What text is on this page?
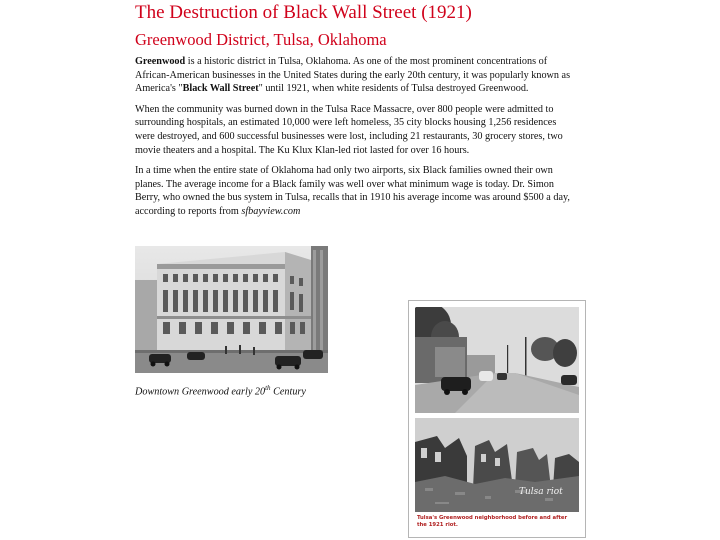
The Destruction of Black Wall Street (1921)
Greenwood District, Tulsa, Oklahoma

Greenwood is a historic district in Tulsa, Oklahoma. As one of the most prominent concentrations of African-American businesses in the United States during the early 20th century, it was popularly known as America's "Black Wall Street" until 1921, when white residents of Tulsa destroyed Greenwood.

When the community was burned down in the Tulsa Race Massacre, over 800 people were admitted to surrounding hospitals, an estimated 10,000 were left homeless, 35 city blocks housing 1,256 residences were destroyed, and 600 successful businesses were lost, including 21 restaurants, 30 grocery stores, two movie theaters and a hospital. The Ku Klux Klan-led riot lasted for over 16 hours.

In a time when the entire state of Oklahoma had only two airports, six Black families owned their own planes. The average income for a Black family was well over what minimum wage is today. Dr. Simon Berry, who owned the bus system in Tulsa, recalls that in 1910 his average income was around $500 a day, according to reports from sfbayview.com

Downtown Greenwood early 20th Century
Tulsa riot
Tulsa's Greenwood neighborhood before and after the 1921 riot.
